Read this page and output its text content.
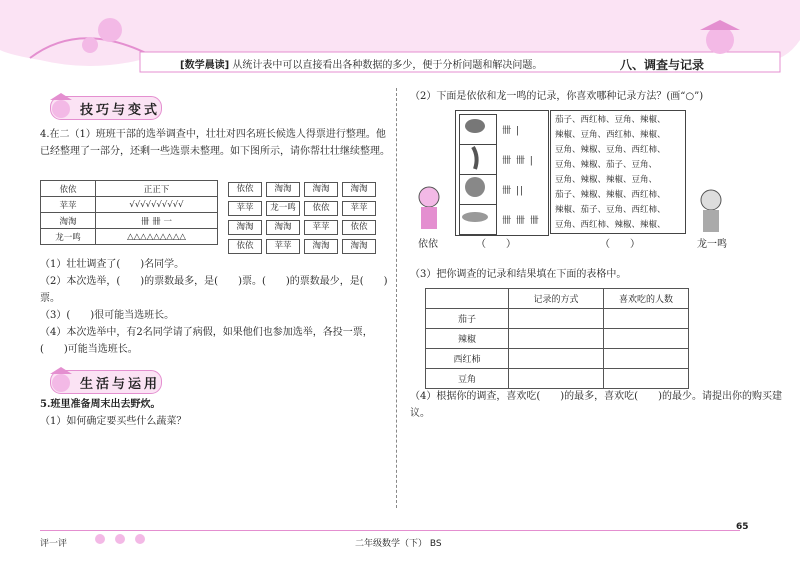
[数学晨读] 从统计表中可以直接看出各种数据的多少，便于分析问题和解决问题。	八、调查与记录
技巧与变式
4.在二（1）班班干部的选举调查中，壮壮对四名班长候选人得票进行整理。他已经整理了一部分，还剩一些选票未整理。如下图所示，请你帮壮壮继续整理。
依依	正正下
苹苹	√√√√√√√√√√
淘淘	卌 卌 一
龙一鸣	△△△△△△△△△
依依	淘淘	淘淘	淘淘
苹苹	龙一鸣	依依	苹苹
淘淘	淘淘	苹苹	依依
依依	苹苹	淘淘	淘淘
（1）壮壮调查了(　　)名同学。
（2）本次选举，(　　)的票数最多，是(　　)票。(　　)的票数最少，是(　　)票。
（3）(　　)很可能当选班长。
（4）本次选举中，有2名同学请了病假，如果他们也参加选举，各投一票，(　　)可能当选班长。
生活与运用
5.班里准备周末出去野炊。
（1）如何确定要买些什么蔬菜？
（2）下面是依依和龙一鸣的记录，你喜欢哪种记录方法？(画“○”)
卌 |
卌 卌 |
卌 ||
卌 卌 卌
茄子、西红柿、豆角、辣椒、
辣椒、豆角、西红柿、辣椒、
豆角、辣椒、豆角、西红柿、
豆角、辣椒、茄子、豆角、
豆角、辣椒、辣椒、豆角、
茄子、辣椒、辣椒、西红柿、
辣椒、茄子、豆角、西红柿、
豆角、西红柿、辣椒、辣椒、
依依	（　　）	（　　）	龙一鸣
（3）把你调查的记录和结果填在下面的表格中。
	记录的方式	喜欢吃的人数
茄子		
辣椒		
西红柿		
豆角		
（4）根据你的调查，喜欢吃(　　)的最多，喜欢吃(　　)的最少。请提出你的购买建议。
评一评	二年级数学（下） BS
65
